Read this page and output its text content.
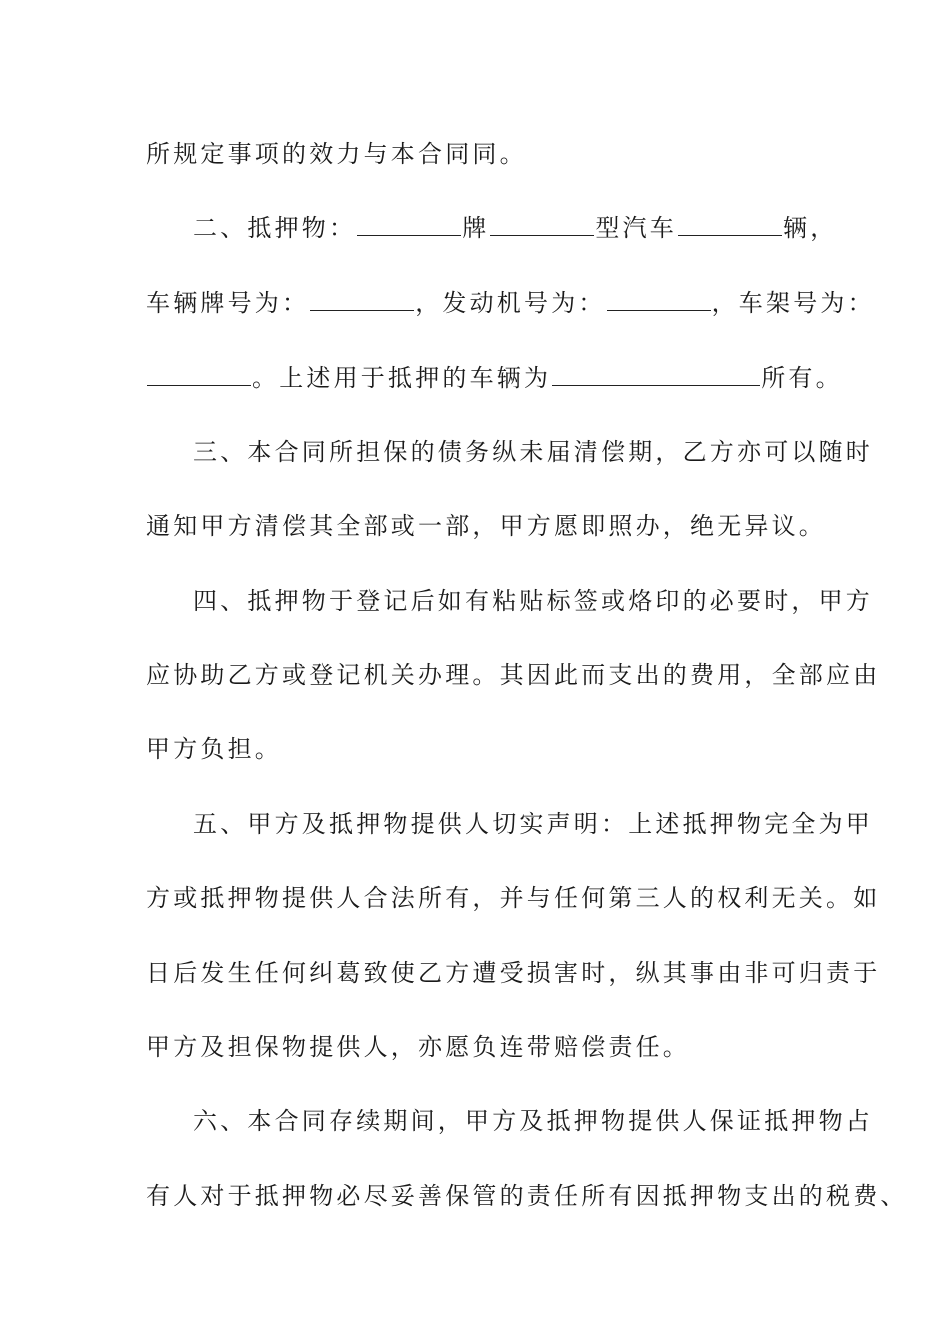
所规定事项的效力与本合同同。
二、抵押物：	牌	型汽车	辆，
车辆牌号为：	，发动机号为：	，车架号为：
。上述用于抵押的车辆为	所有。
三、本合同所担保的债务纵未届清偿期，乙方亦可以随时
通知甲方清偿其全部或一部，甲方愿即照办，绝无异议。
四、抵押物于登记后如有粘贴标签或烙印的必要时，甲方
应协助乙方或登记机关办理。其因此而支出的费用，全部应由
甲方负担。
五、甲方及抵押物提供人切实声明：上述抵押物完全为甲
方或抵押物提供人合法所有，并与任何第三人的权利无关。如
日后发生任何纠葛致使乙方遭受损害时，纵其事由非可归责于
甲方及担保物提供人，亦愿负连带赔偿责任。
六、本合同存续期间，甲方及抵押物提供人保证抵押物占
有人对于抵押物必尽妥善保管的责任所有因抵押物支出的税费、
